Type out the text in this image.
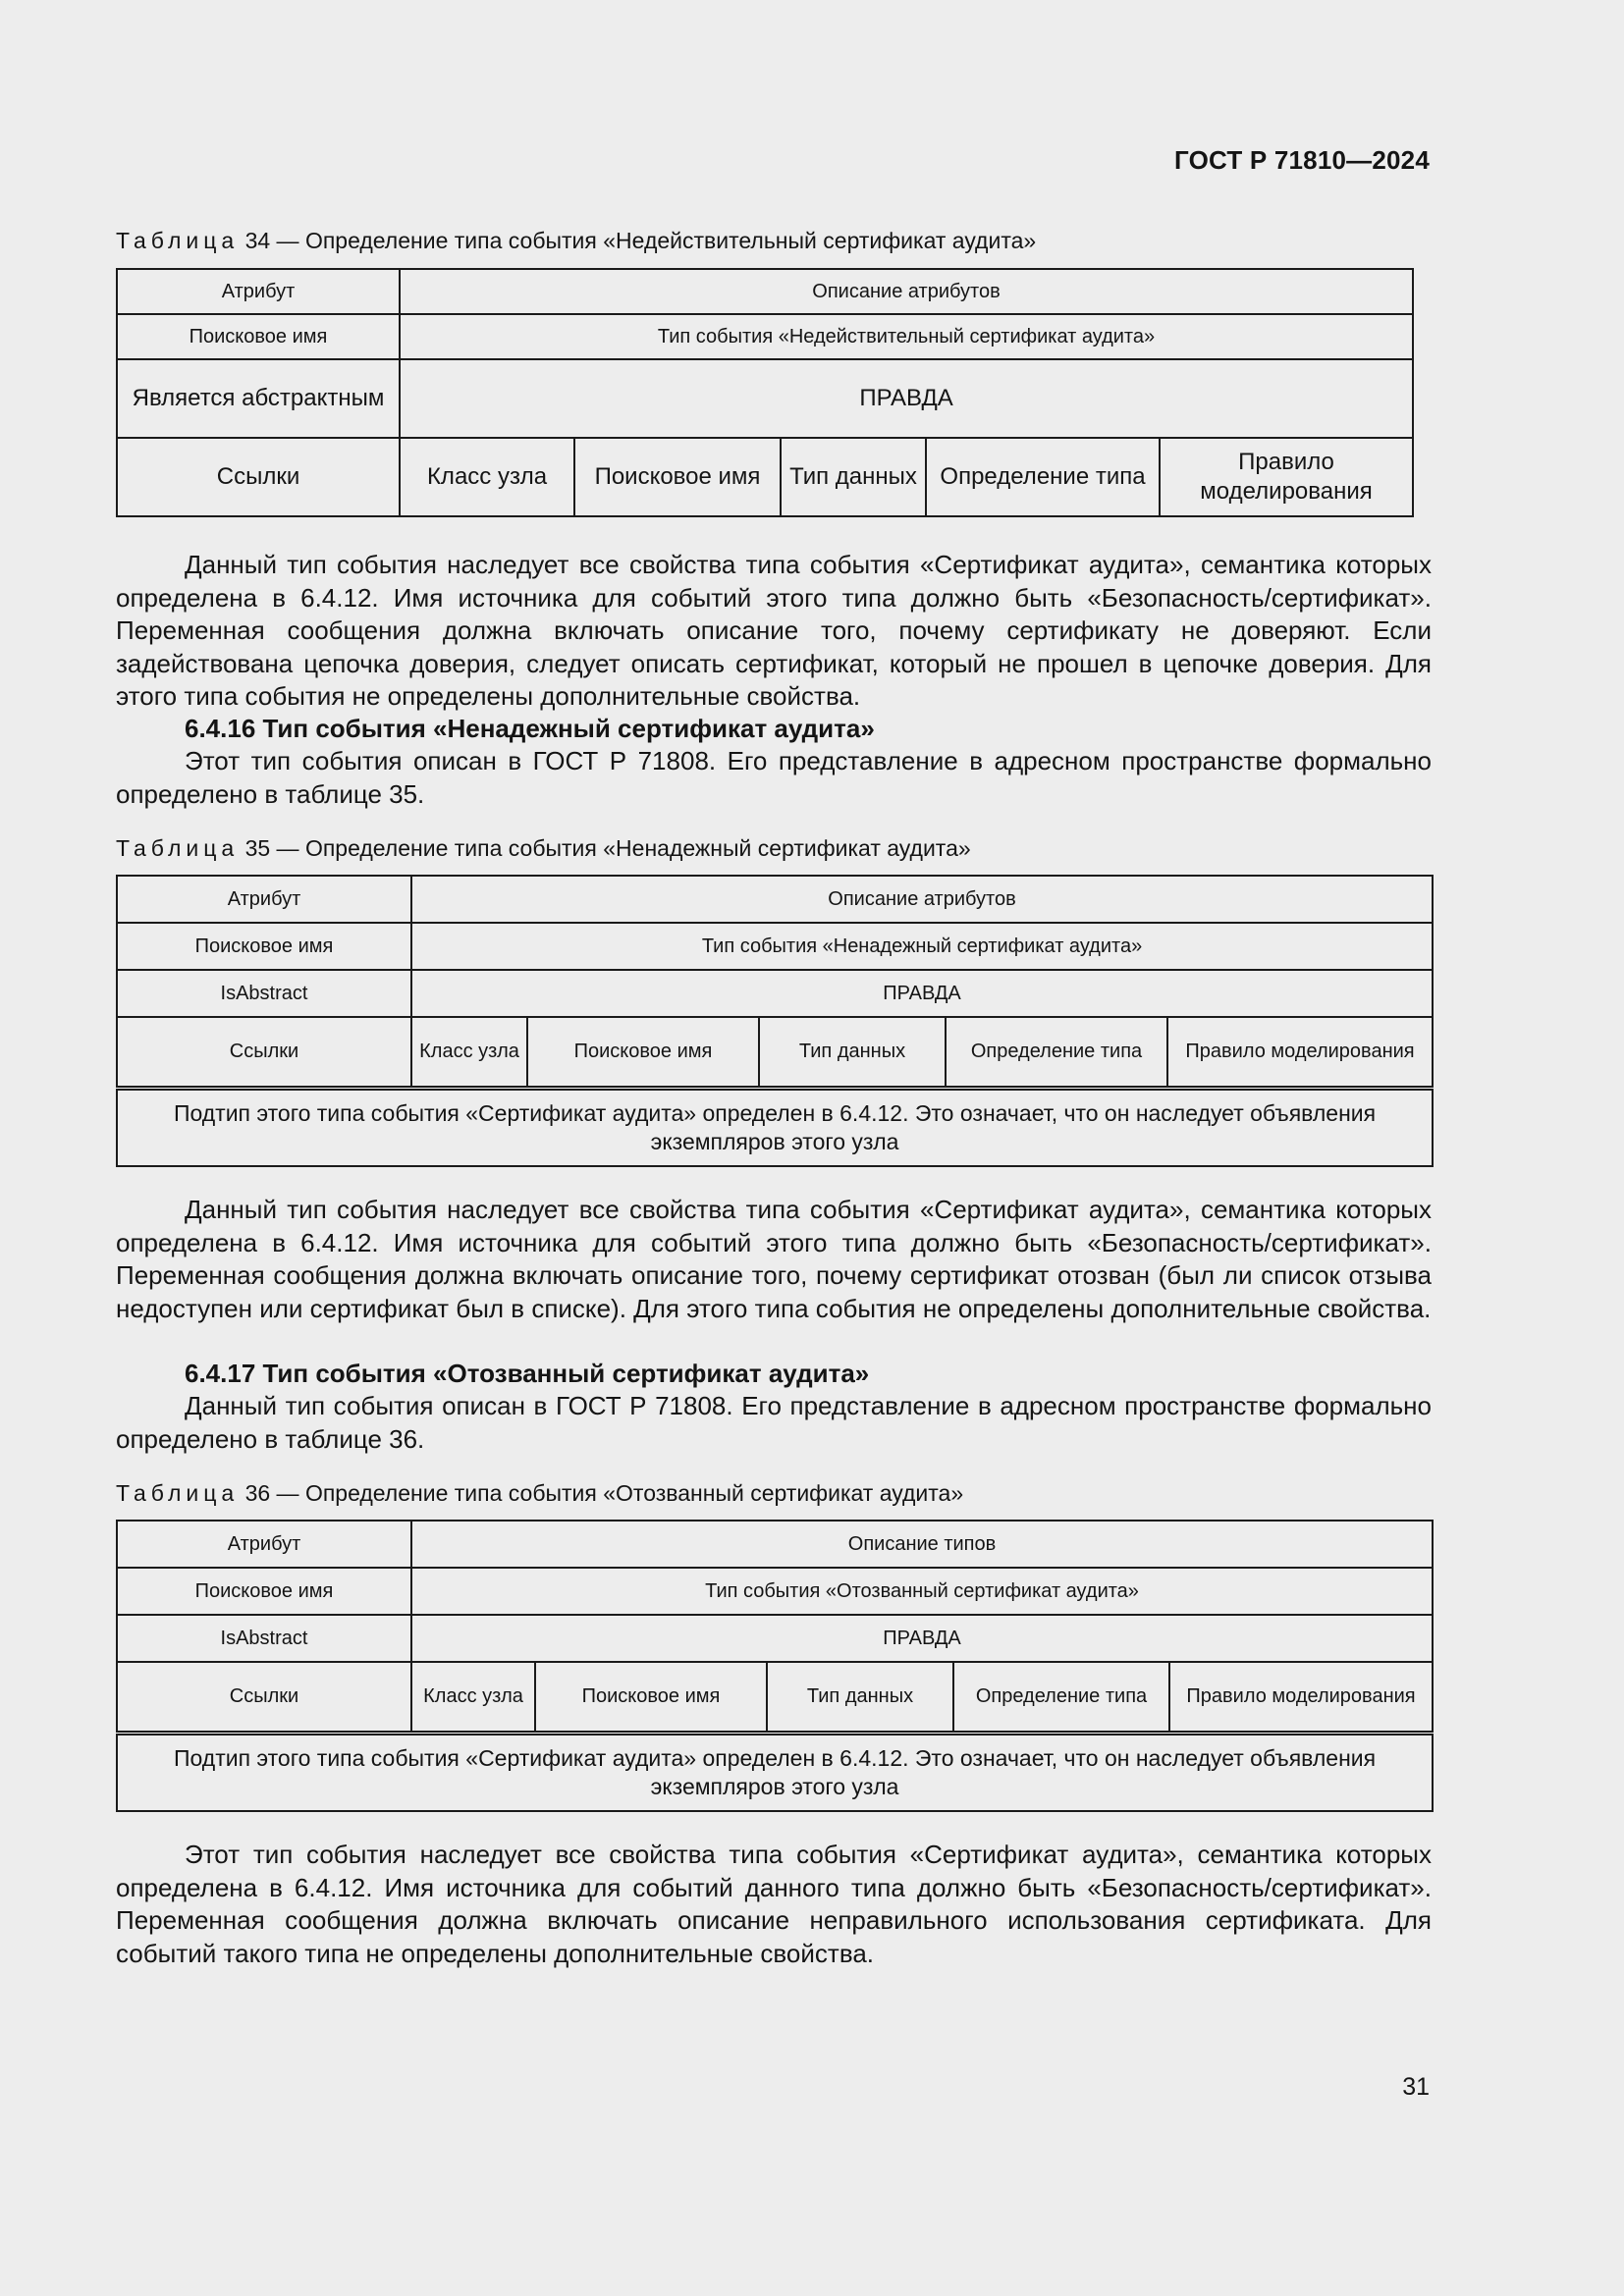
ГОСТ Р 71810—2024
Таблица 34 — Определение типа события «Недействительный сертификат аудита»
Атрибут	Описание атрибутов				
Поисковое имя	Тип события «Недействительный сертификат аудита»				
Является абстрактным	ПРАВДА				
Ссылки	Класс узла	Поисковое имя	Тип данных	Определение типа	Правило моделирования

Данный тип события наследует все свойства типа события «Сертификат аудита», семантика которых определена в 6.4.12. Имя источника для событий этого типа должно быть «Безопасность/сертификат». Переменная сообщения должна включать описание того, почему сертификату не доверяют. Если задействована цепочка доверия, следует описать сертификат, который не прошел в цепочке доверия. Для этого типа события не определены дополнительные свойства.

6.4.16 Тип события «Ненадежный сертификат аудита»

Этот тип события описан в ГОСТ Р 71808. Его представление в адресном пространстве формально определено в таблице 35.

Таблица 35 — Определение типа события «Ненадежный сертификат аудита»
Атрибут	Описание атрибутов				
Поисковое имя	Тип события «Ненадежный сертификат аудита»				
IsAbstract	ПРАВДА				
Ссылки	Класс узла	Поисковое имя	Тип данных	Определение типа	Правило моделирования
Подтип этого типа события «Сертификат аудита» определен в 6.4.12. Это означает, что он наследует объявления экземпляров этого узла					

Данный тип события наследует все свойства типа события «Сертификат аудита», семантика которых определена в 6.4.12. Имя источника для событий этого типа должно быть «Безопасность/сертификат». Переменная сообщения должна включать описание того, почему сертификат отозван (был ли список отзыва недоступен или сертификат был в списке). Для этого типа события не определены дополнительные свойства.

6.4.17 Тип события «Отозванный сертификат аудита»

Данный тип события описан в ГОСТ Р 71808. Его представление в адресном пространстве формально определено в таблице 36.

Таблица 36 — Определение типа события «Отозванный сертификат аудита»
Атрибут	Описание типов				
Поисковое имя	Тип события «Отозванный сертификат аудита»				
IsAbstract	ПРАВДА				
Ссылки	Класс узла	Поисковое имя	Тип данных	Определение типа	Правило моделирования
Подтип этого типа события «Сертификат аудита» определен в 6.4.12. Это означает, что он наследует объявления экземпляров этого узла					

Этот тип события наследует все свойства типа события «Сертификат аудита», семантика которых определена в 6.4.12. Имя источника для событий данного типа должно быть «Безопасность/сертификат». Переменная сообщения должна включать описание неправильного использования сертификата. Для событий такого типа не определены дополнительные свойства.

31
